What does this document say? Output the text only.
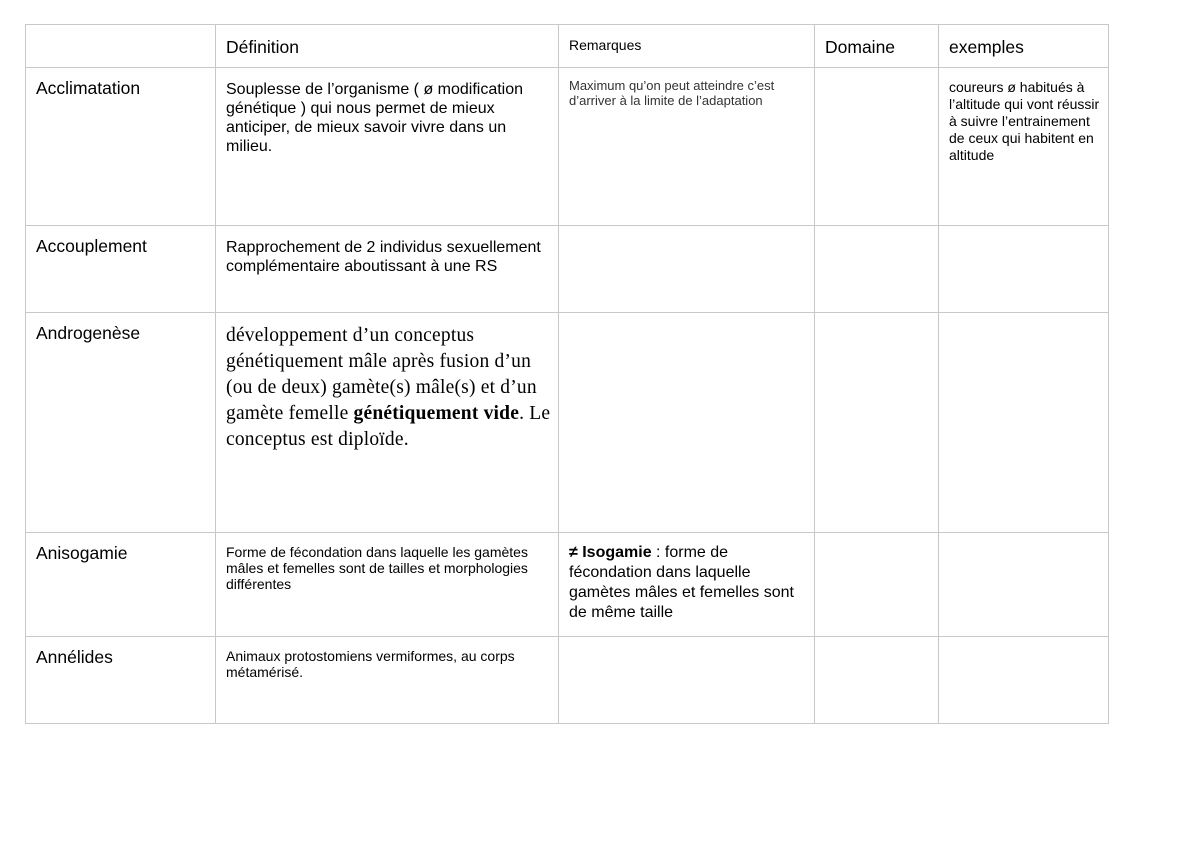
	Définition	Remarques	Domaine	exemples

Acclimatation	Souplesse de l’organisme ( ø modification génétique ) qui nous permet de mieux anticiper, de mieux savoir vivre dans un milieu.	Maximum qu’on peut atteindre c’est d’arriver à la limite de l’adaptation		coureurs ø habitués à l’altitude qui vont réussir à suivre l’entrainement de ceux qui habitent en altitude

Accouplement	Rapprochement de 2 individus sexuellement complémentaire aboutissant à une RS			

Androgenèse	développement d’un conceptus génétiquement mâle après fusion d’un (ou de deux) gamète(s) mâle(s) et d’un gamète femelle génétiquement vide. Le conceptus est diploïde.			

Anisogamie	Forme de fécondation dans laquelle les gamètes mâles et femelles sont de tailles et morphologies différentes	≠ Isogamie : forme de fécondation dans laquelle gamètes mâles et femelles sont de même taille		

Annélides	Animaux protostomiens vermiformes, au corps métamérisé.			
